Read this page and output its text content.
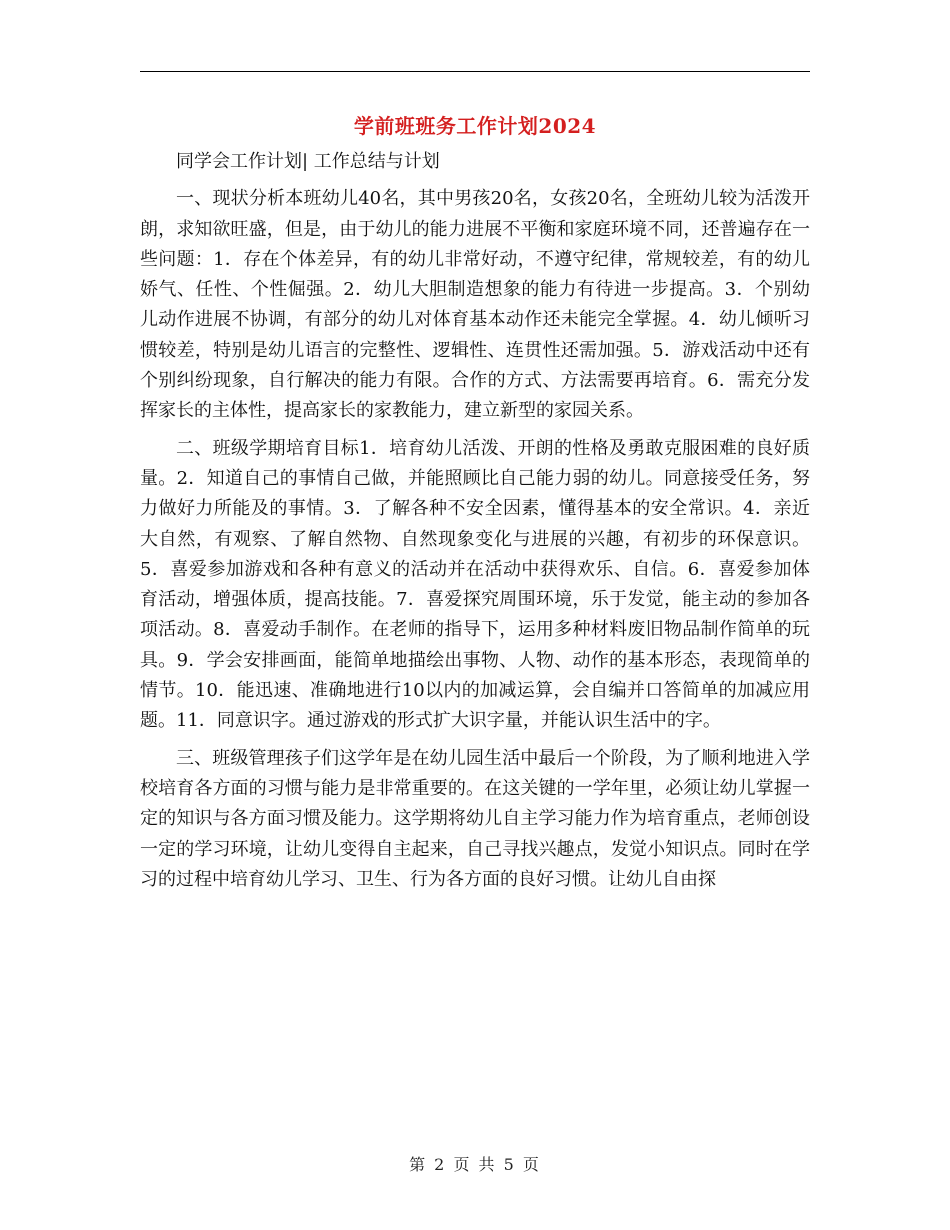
学前班班务工作计划2024

同学会工作计划| 工作总结与计划

一、现状分析本班幼儿40名，其中男孩20名，女孩20名，全班幼儿较为活泼开朗，求知欲旺盛，但是，由于幼儿的能力进展不平衡和家庭环境不同，还普遍存在一些问题：1．存在个体差异，有的幼儿非常好动，不遵守纪律，常规较差，有的幼儿娇气、任性、个性倔强。2．幼儿大胆制造想象的能力有待进一步提高。3．个别幼儿动作进展不协调，有部分的幼儿对体育基本动作还未能完全掌握。4．幼儿倾听习惯较差，特别是幼儿语言的完整性、逻辑性、连贯性还需加强。5．游戏活动中还有个别纠纷现象，自行解决的能力有限。合作的方式、方法需要再培育。6．需充分发挥家长的主体性，提高家长的家教能力，建立新型的家园关系。

二、班级学期培育目标1．培育幼儿活泼、开朗的性格及勇敢克服困难的良好质量。2．知道自己的事情自己做，并能照顾比自己能力弱的幼儿。同意接受任务，努力做好力所能及的事情。3．了解各种不安全因素，懂得基本的安全常识。4．亲近大自然，有观察、了解自然物、自然现象变化与进展的兴趣，有初步的环保意识。5．喜爱参加游戏和各种有意义的活动并在活动中获得欢乐、自信。6．喜爱参加体育活动，增强体质，提高技能。7．喜爱探究周围环境，乐于发觉，能主动的参加各项活动。8．喜爱动手制作。在老师的指导下，运用多种材料废旧物品制作简单的玩具。9．学会安排画面，能简单地描绘出事物、人物、动作的基本形态，表现简单的情节。10．能迅速、准确地进行10以内的加减运算，会自编并口答简单的加减应用题。11．同意识字。通过游戏的形式扩大识字量，并能认识生活中的字。

三、班级管理孩子们这学年是在幼儿园生活中最后一个阶段，为了顺利地进入学校培育各方面的习惯与能力是非常重要的。在这关键的一学年里，必须让幼儿掌握一定的知识与各方面习惯及能力。这学期将幼儿自主学习能力作为培育重点，老师创设一定的学习环境，让幼儿变得自主起来，自己寻找兴趣点，发觉小知识点。同时在学习的过程中培育幼儿学习、卫生、行为各方面的良好习惯。让幼儿自由探

第 2 页 共 5 页
